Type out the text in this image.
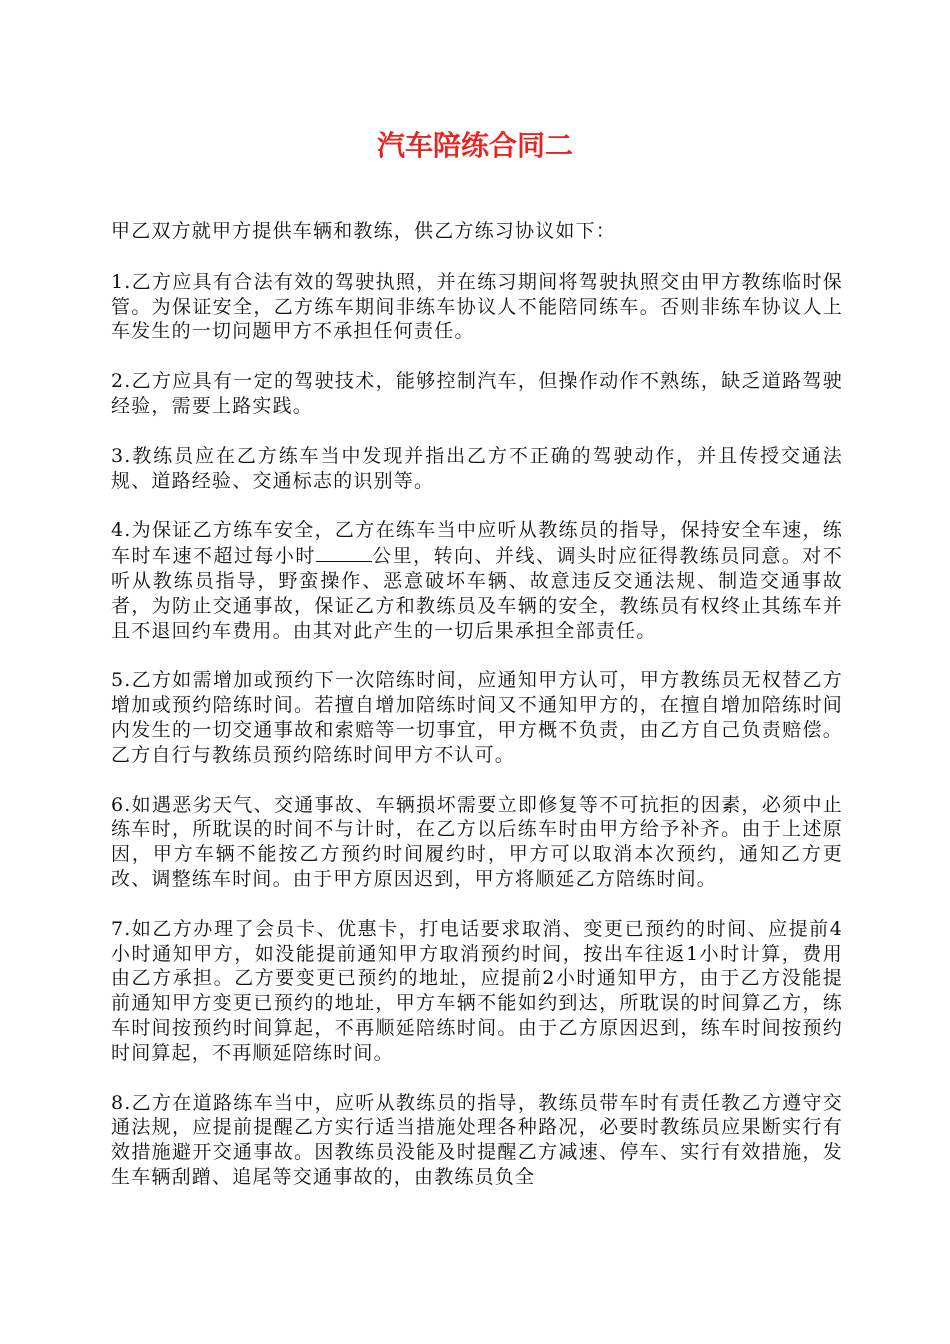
汽车陪练合同二

甲乙双方就甲方提供车辆和教练，供乙方练习协议如下：

1.乙方应具有合法有效的驾驶执照，并在练习期间将驾驶执照交由甲方教练临时保管。为保证安全，乙方练车期间非练车协议人不能陪同练车。否则非练车协议人上车发生的一切问题甲方不承担任何责任。

2.乙方应具有一定的驾驶技术，能够控制汽车，但操作动作不熟练，缺乏道路驾驶经验，需要上路实践。

3.教练员应在乙方练车当中发现并指出乙方不正确的驾驶动作，并且传授交通法规、道路经验、交通标志的识别等。

4.为保证乙方练车安全，乙方在练车当中应听从教练员的指导，保持安全车速，练车时车速不超过每小时	公里，转向、并线、调头时应征得教练员同意。对不听从教练员指导，野蛮操作、恶意破坏车辆、故意违反交通法规、制造交通事故者，为防止交通事故，保证乙方和教练员及车辆的安全，教练员有权终止其练车并且不退回约车费用。由其对此产生的一切后果承担全部责任。

5.乙方如需增加或预约下一次陪练时间，应通知甲方认可，甲方教练员无权替乙方增加或预约陪练时间。若擅自增加陪练时间又不通知甲方的，在擅自增加陪练时间内发生的一切交通事故和索赔等一切事宜，甲方概不负责，由乙方自己负责赔偿。乙方自行与教练员预约陪练时间甲方不认可。

6.如遇恶劣天气、交通事故、车辆损坏需要立即修复等不可抗拒的因素，必须中止练车时，所耽误的时间不与计时，在乙方以后练车时由甲方给予补齐。由于上述原因，甲方车辆不能按乙方预约时间履约时，甲方可以取消本次预约，通知乙方更改、调整练车时间。由于甲方原因迟到，甲方将顺延乙方陪练时间。

7.如乙方办理了会员卡、优惠卡，打电话要求取消、变更已预约的时间、应提前4小时通知甲方，如没能提前通知甲方取消预约时间，按出车往返1小时计算，费用由乙方承担。乙方要变更已预约的地址，应提前2小时通知甲方，由于乙方没能提前通知甲方变更已预约的地址，甲方车辆不能如约到达，所耽误的时间算乙方，练车时间按预约时间算起，不再顺延陪练时间。由于乙方原因迟到，练车时间按预约时间算起，不再顺延陪练时间。

8.乙方在道路练车当中，应听从教练员的指导，教练员带车时有责任教乙方遵守交通法规，应提前提醒乙方实行适当措施处理各种路况，必要时教练员应果断实行有效措施避开交通事故。因教练员没能及时提醒乙方减速、停车、实行有效措施，发生车辆刮蹭、追尾等交通事故的，由教练员负全
